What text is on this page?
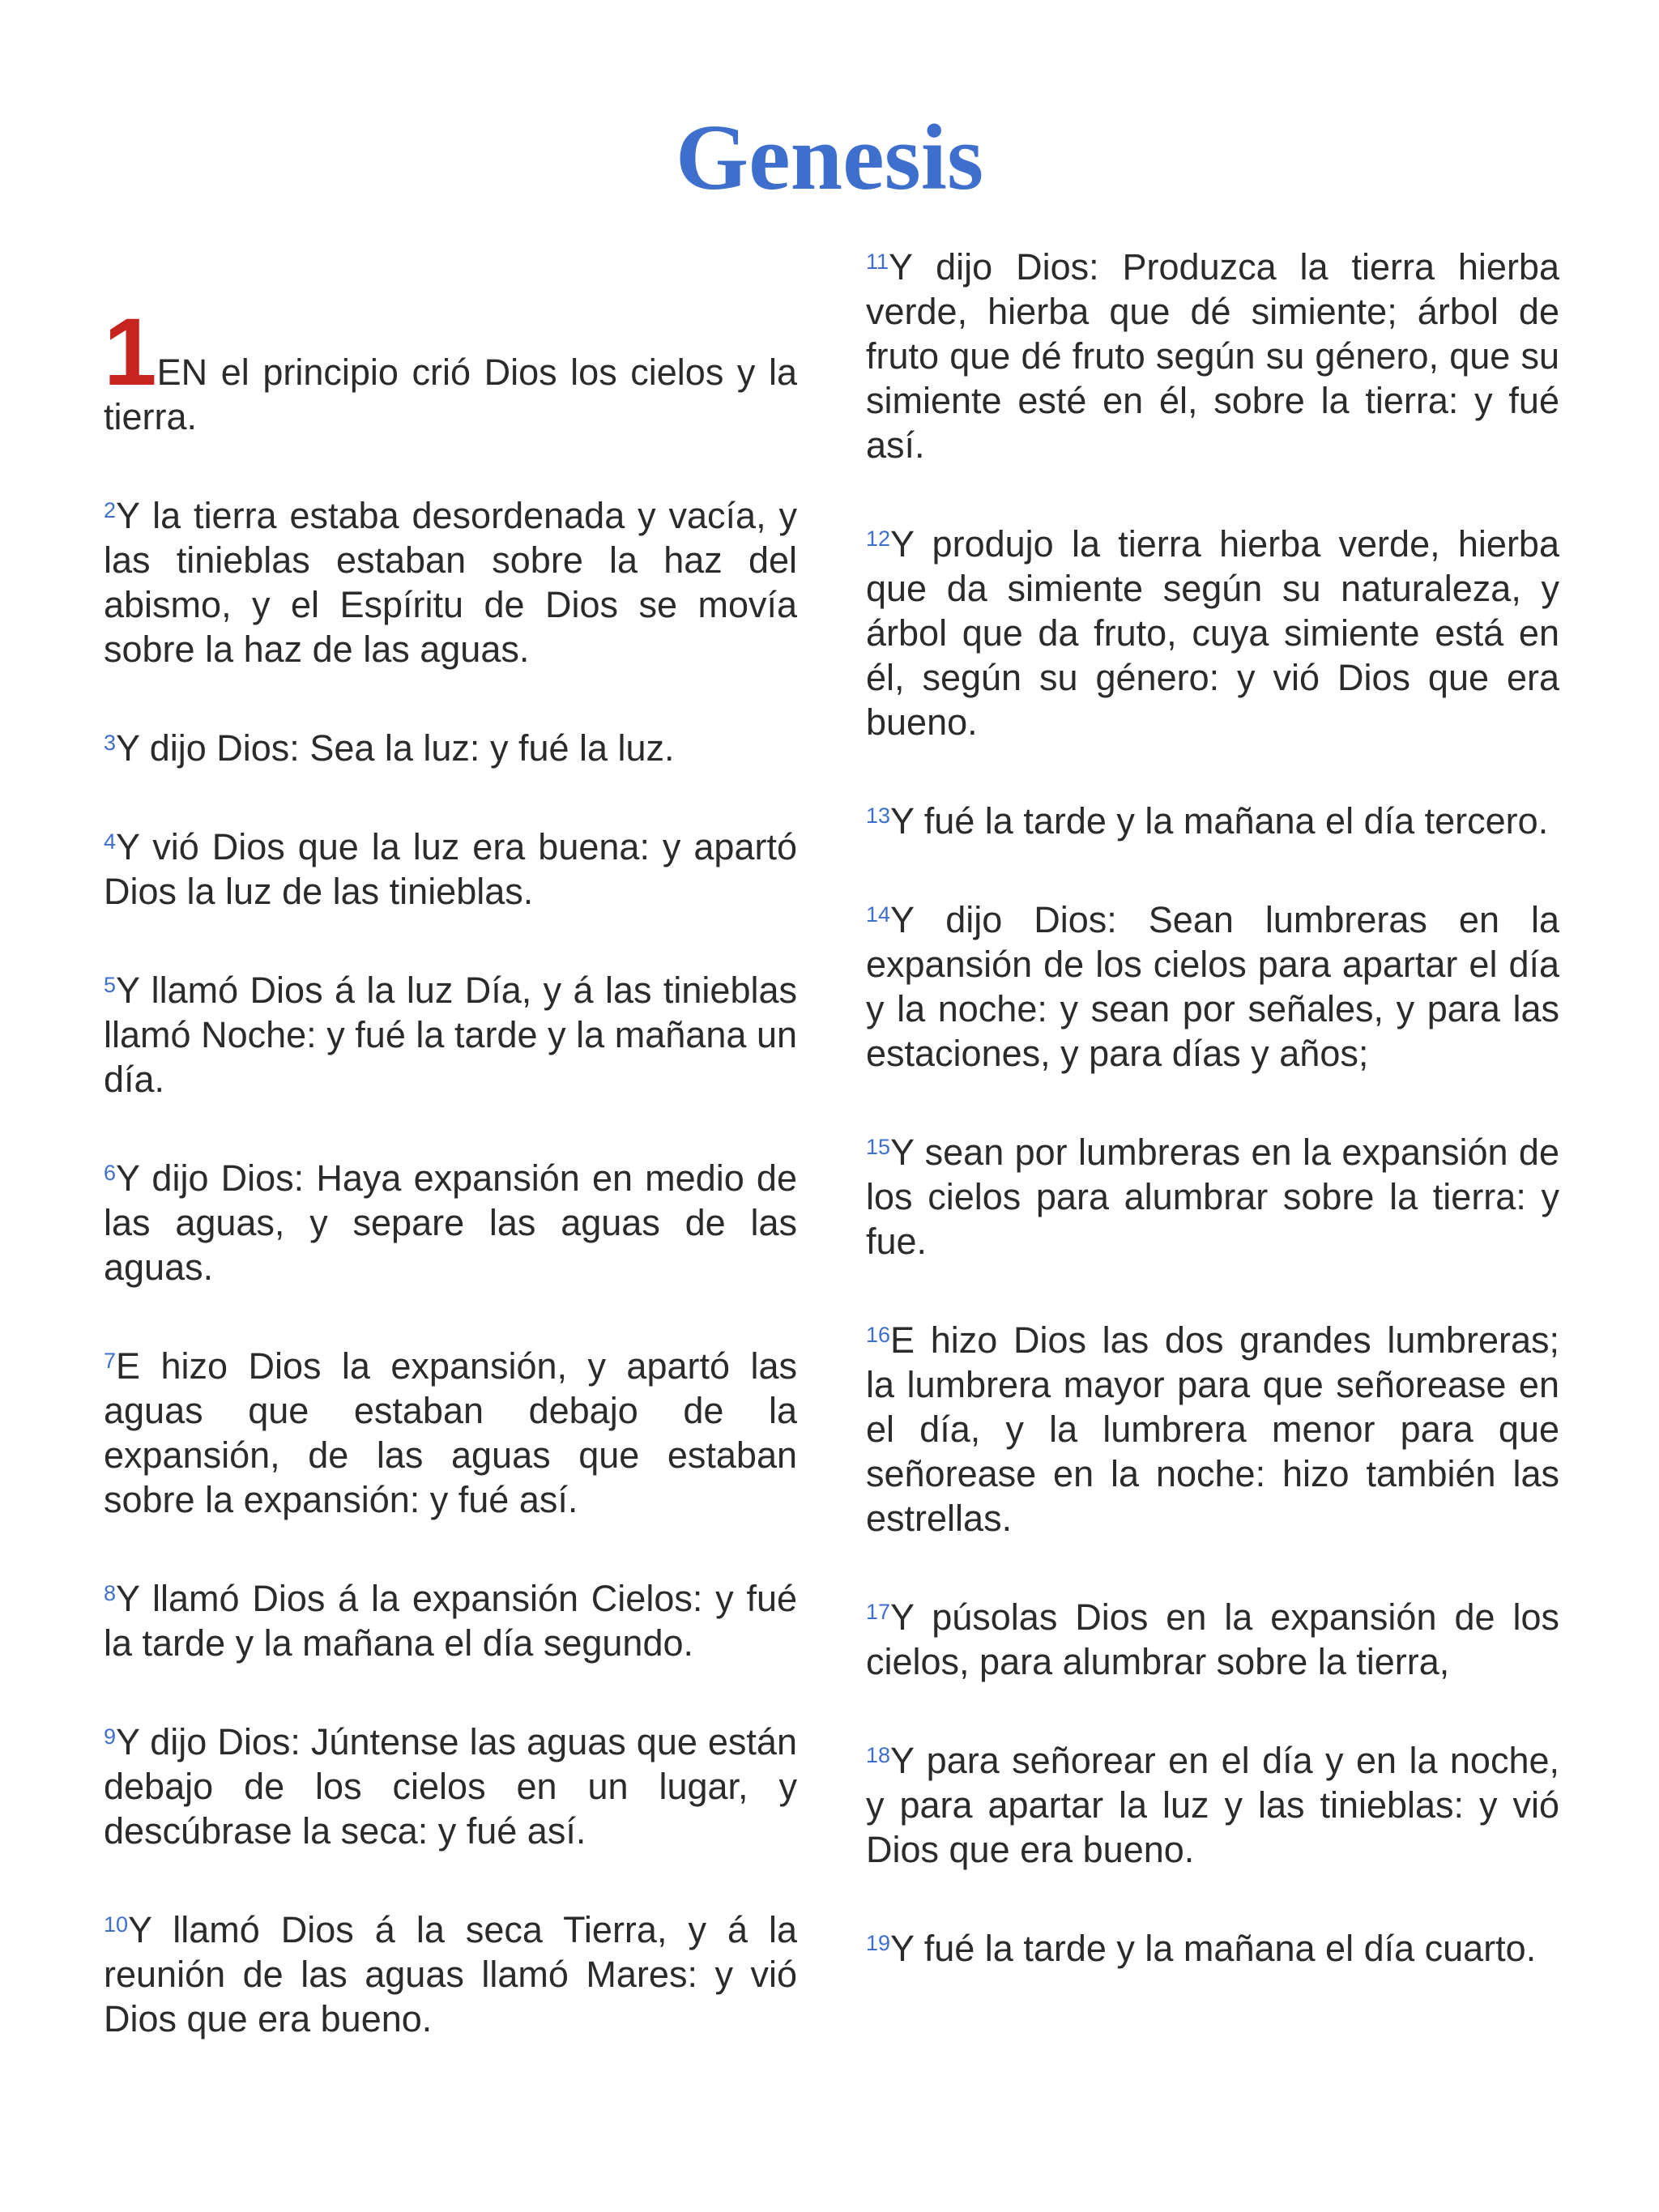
Genesis

1EN el principio crió Dios los cielos y la tierra.

$^2$Y la tierra estaba desordenada y vacía, y las tinieblas estaban sobre la haz del abismo, y el Espíritu de Dios se movía sobre la haz de las aguas.

$^3$Y dijo Dios: Sea la luz: y fué la luz.

$^4$Y vió Dios que la luz era buena: y apartó Dios la luz de las tinieblas.

$^5$Y llamó Dios á la luz Día, y á las tinieblas llamó Noche: y fué la tarde y la mañana un día.

$^6$Y dijo Dios: Haya expansión en medio de las aguas, y separe las aguas de las aguas.

$^7$E hizo Dios la expansión, y apartó las aguas que estaban debajo de la expansión, de las aguas que estaban sobre la expansión: y fué así.

$^8$Y llamó Dios á la expansión Cielos: y fué la tarde y la mañana el día segundo.

$^9$Y dijo Dios: Júntense las aguas que están debajo de los cielos en un lugar, y descúbrase la seca: y fué así.

$^{10}$Y llamó Dios á la seca Tierra, y á la reunión de las aguas llamó Mares: y vió Dios que era bueno.

$^{11}$Y dijo Dios: Produzca la tierra hierba verde, hierba que dé simiente; árbol de fruto que dé fruto según su género, que su simiente esté en él, sobre la tierra: y fué así.

$^{12}$Y produjo la tierra hierba verde, hierba que da simiente según su naturaleza, y árbol que da fruto, cuya simiente está en él, según su género: y vió Dios que era bueno.

$^{13}$Y fué la tarde y la mañana el día tercero.

$^{14}$Y dijo Dios: Sean lumbreras en la expansión de los cielos para apartar el día y la noche: y sean por señales, y para las estaciones, y para días y años;

$^{15}$Y sean por lumbreras en la expansión de los cielos para alumbrar sobre la tierra: y fue.

$^{16}$E hizo Dios las dos grandes lumbreras; la lumbrera mayor para que señorease en el día, y la lumbrera menor para que señorease en la noche: hizo también las estrellas.

$^{17}$Y púsolas Dios en la expansión de los cielos, para alumbrar sobre la tierra,

$^{18}$Y para señorear en el día y en la noche, y para apartar la luz y las tinieblas: y vió Dios que era bueno.

$^{19}$Y fué la tarde y la mañana el día cuarto.
